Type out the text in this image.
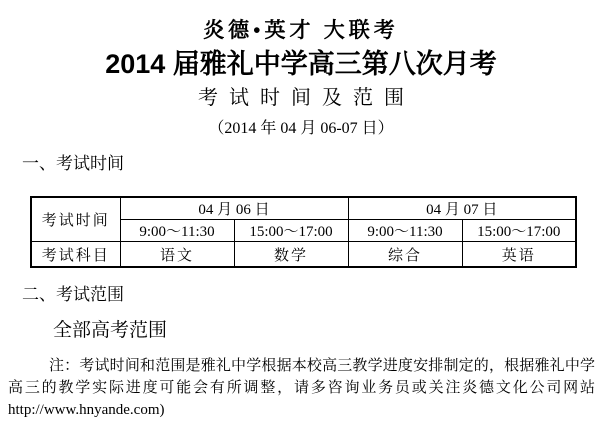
炎德•英才 大联考
2014 届雅礼中学高三第八次月考
考试时间及范围
（2014 年 04 月 06-07 日）
一、考试时间
考试时间	04 月 06 日		04 月 07 日	
	9:00～11:30	15:00～17:00	9:00～11:30	15:00～17:00
考试科目	语文	数学	综合	英语
二、考试范围
全部高考范围
注：考试时间和范围是雅礼中学根据本校高三教学进度安排制定的，根据雅礼中学高三的教学实际进度可能会有所调整，请多咨询业务员或关注炎德文化公司网站http://www.hnyande.com)
